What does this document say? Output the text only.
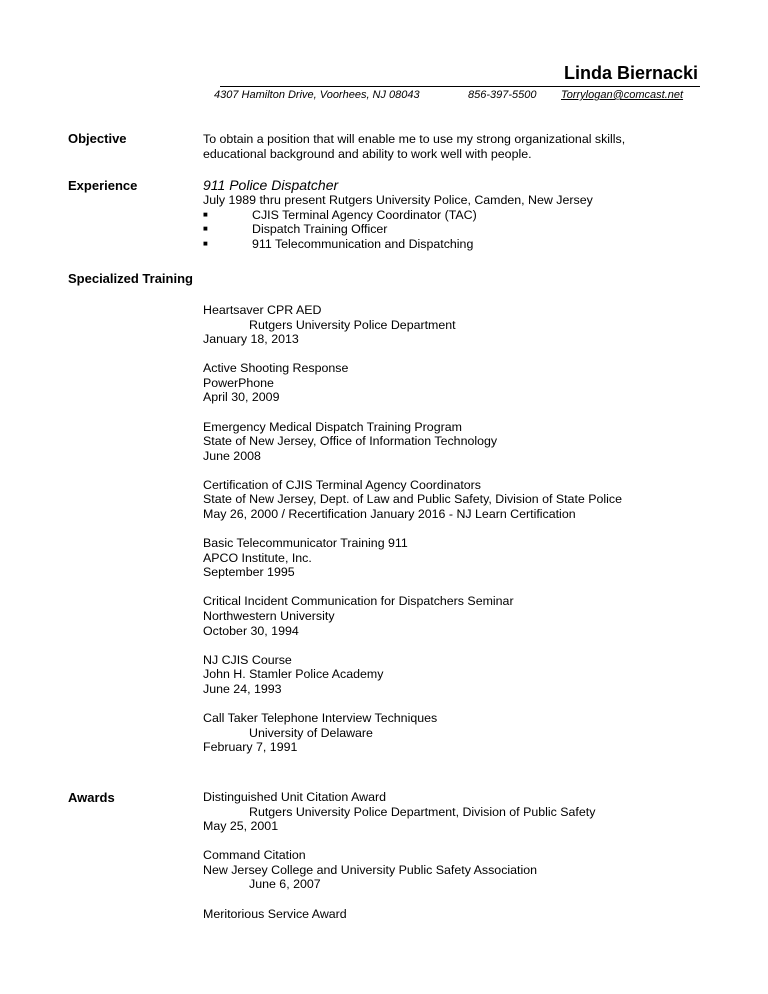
Linda Biernacki
4307 Hamilton Drive, Voorhees, NJ 08043	856-397-5500 Torrylogan@comcast.net
Objective	To obtain a position that will enable me to use my strong organizational skills,

educational background and ability to work well with people.

Experience	911 Police Dispatcher

July 1989 thru present Rutgers University Police, Camden, New Jersey

■	CJIS Terminal Agency Coordinator (TAC)
■	Dispatch Training Officer
■	911 Telecommunication and Dispatching
Specialized Training

Heartsaver CPR AED

Rutgers University Police Department

January 18, 2013

Active Shooting Response

PowerPhone

April 30, 2009

Emergency Medical Dispatch Training Program

State of New Jersey, Office of Information Technology

June 2008

Certification of CJIS Terminal Agency Coordinators

State of New Jersey, Dept. of Law and Public Safety, Division of State Police

May 26, 2000 / Recertification January 2016 - NJ Learn Certification

Basic Telecommunicator Training 911

APCO Institute, Inc.

September 1995

Critical Incident Communication for Dispatchers Seminar

Northwestern University

October 30, 1994

NJ CJIS Course

John H. Stamler Police Academy

June 24, 1993

Call Taker Telephone Interview Techniques

University of Delaware

February 7, 1991

Awards	Distinguished Unit Citation Award

Rutgers University Police Department, Division of Public Safety

May 25, 2001

Command Citation

New Jersey College and University Public Safety Association

June 6, 2007

Meritorious Service Award
